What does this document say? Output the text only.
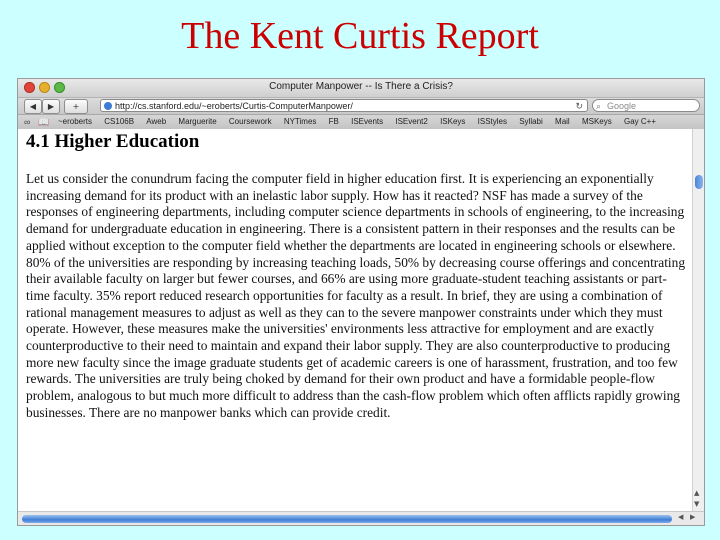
The Kent Curtis Report
Computer Manpower -- Is There a Crisis?
◀	▶	+	http://cs.stanford.edu/~eroberts/Curtis-ComputerManpower/	↻ ⌕ Google
∞ 📖 ~eroberts CS106B Aweb Marguerite Coursework NYTimes FB ISEvents ISEvent2 ISKeys ISStyles Syllabi Mail MSKeys Gay C++
4.1 Higher Education

Let us consider the conundrum facing the computer field in higher education first. It is experiencing an exponentially increasing demand for its product with an inelastic labor supply. How has it reacted? NSF has made a survey of the responses of engineering departments, including computer science departments in schools of engineering, to the increasing demand for undergraduate education in engineering. There is a consistent pattern in their responses and the results can be applied without exception to the computer field whether the departments are located in engineering schools or elsewhere. 80% of the universities are responding by increasing teaching loads, 50% by decreasing course offerings and concentrating their available faculty on larger but fewer courses, and 66% are using more graduate-student teaching assistants or part-time faculty. 35% report reduced research opportunities for faculty as a result. In brief, they are using a combination of rational management measures to adjust as well as they can to the severe manpower constraints under which they must operate. However, these measures make the universities' environments less attractive for employment and are exactly counterproductive to their need to maintain and expand their labor supply. They are also counterproductive to producing more new faculty since the image graduate students get of academic careers is one of harassment, frustration, and too few rewards. The universities are truly being choked by demand for their own product and have a formidable people-flow problem, analogous to but much more difficult to address than the cash-flow problem which often afflicts rapidly growing businesses. There are no manpower banks which can provide credit.

▲
▼
◀ ▶
